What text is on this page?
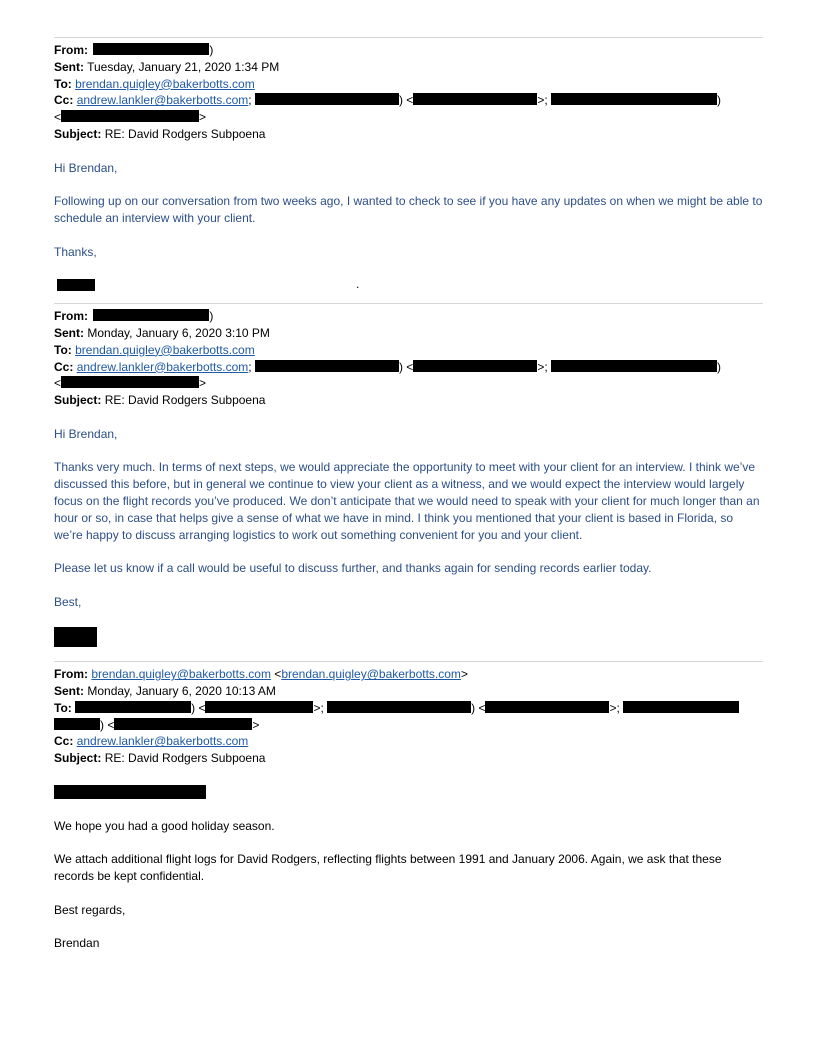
From:	)
Sent: Tuesday, January 21, 2020 1:34 PM
To: brendan.quigley@bakerbotts.com
Cc: andrew.lankler@bakerbotts.com;	) <	>;	)
<	>
Subject: RE: David Rodgers Subpoena

Hi Brendan,

Following up on our conversation from two weeks ago, I wanted to check to see if you have any updates on when we might be able to schedule an interview with your client.

Thanks,

.
From:	)
Sent: Monday, January 6, 2020 3:10 PM
To: brendan.quigley@bakerbotts.com
Cc: andrew.lankler@bakerbotts.com;	) <	>;	)
<	>
Subject: RE: David Rodgers Subpoena

Hi Brendan,

Thanks very much. In terms of next steps, we would appreciate the opportunity to meet with your client for an interview. I think we’ve discussed this before, but in general we continue to view your client as a witness, and we would expect the interview would largely focus on the flight records you’ve produced. We don’t anticipate that we would need to speak with your client for much longer than an hour or so, in case that helps give a sense of what we have in mind. I think you mentioned that your client is based in Florida, so we’re happy to discuss arranging logistics to work out something convenient for you and your client.

Please let us know if a call would be useful to discuss further, and thanks again for sending records earlier today.

Best,

From: brendan.quigley@bakerbotts.com <brendan.quigley@bakerbotts.com>
Sent: Monday, January 6, 2020 10:13 AM
To:	) <	>;	) <	>;
) <	>
Cc: andrew.lankler@bakerbotts.com
Subject: RE: David Rodgers Subpoena

We hope you had a good holiday season.

We attach additional flight logs for David Rodgers, reflecting flights between 1991 and January 2006. Again, we ask that these records be kept confidential.

Best regards,

Brendan
